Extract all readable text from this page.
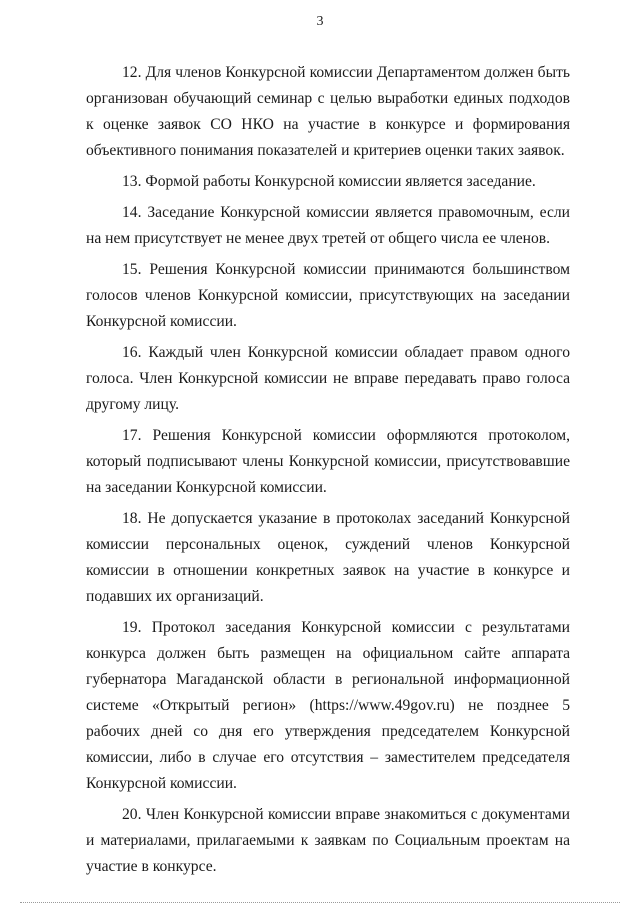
3

12. Для членов Конкурсной комиссии Департаментом должен быть организован обучающий семинар с целью выработки единых подходов к оценке заявок СО НКО на участие в конкурсе и формирования объективного понимания показателей и критериев оценки таких заявок.

13. Формой работы Конкурсной комиссии является заседание.

14. Заседание Конкурсной комиссии является правомочным, если на нем присутствует не менее двух третей от общего числа ее членов.

15. Решения Конкурсной комиссии принимаются большинством голосов членов Конкурсной комиссии, присутствующих на заседании Конкурсной комиссии.

16. Каждый член Конкурсной комиссии обладает правом одного голоса. Член Конкурсной комиссии не вправе передавать право голоса другому лицу.

17. Решения Конкурсной комиссии оформляются протоколом, который подписывают члены Конкурсной комиссии, присутствовавшие на заседании Конкурсной комиссии.

18. Не допускается указание в протоколах заседаний Конкурсной комиссии персональных оценок, суждений членов Конкурсной комиссии в отношении конкретных заявок на участие в конкурсе и подавших их организаций.

19. Протокол заседания Конкурсной комиссии с результатами конкурса должен быть размещен на официальном сайте аппарата губернатора Магаданской области в региональной информационной системе «Открытый регион» (https://www.49gov.ru) не позднее 5 рабочих дней со дня его утверждения председателем Конкурсной комиссии, либо в случае его отсутствия – заместителем председателя Конкурсной комиссии.

20. Член Конкурсной комиссии вправе знакомиться с документами и материалами, прилагаемыми к заявкам по Социальным проектам на участие в конкурсе.
